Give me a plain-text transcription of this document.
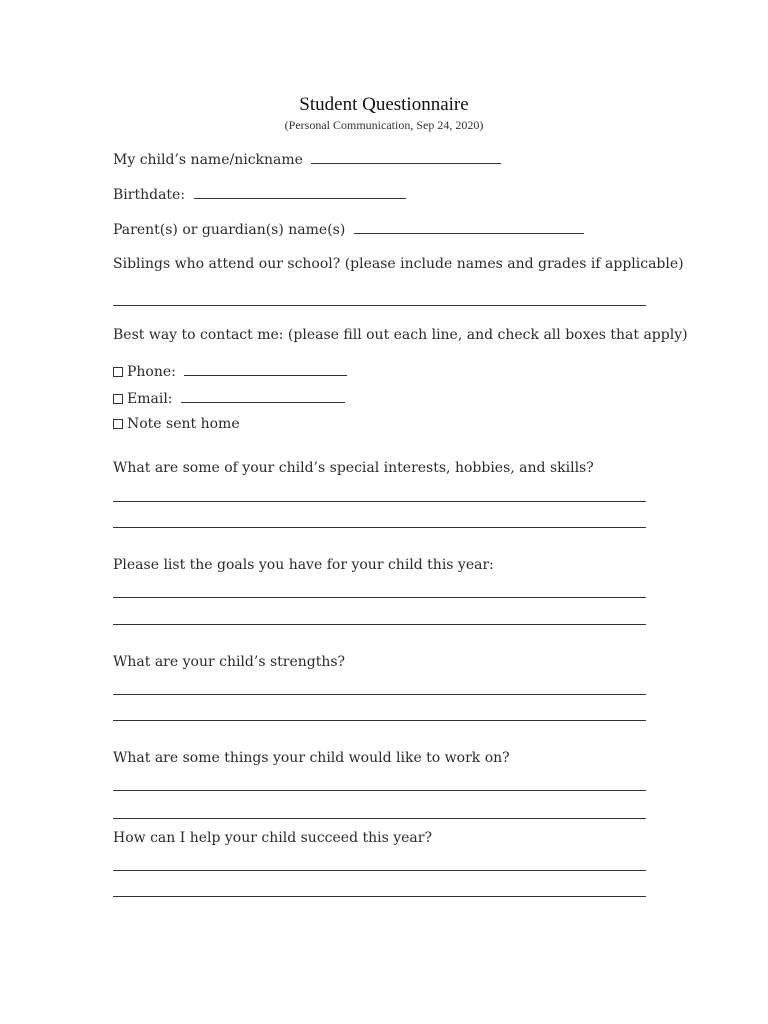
Student Questionnaire
(Personal Communication, Sep 24, 2020)
My child’s name/nickname
Birthdate:
Parent(s) or guardian(s) name(s)
Siblings who attend our school? (please include names and grades if applicable)
Best way to contact me: (please fill out each line, and check all boxes that apply)
Phone:
Email:
Note sent home
What are some of your child’s special interests, hobbies, and skills?
Please list the goals you have for your child this year:
What are your child’s strengths?
What are some things your child would like to work on?
How can I help your child succeed this year?
